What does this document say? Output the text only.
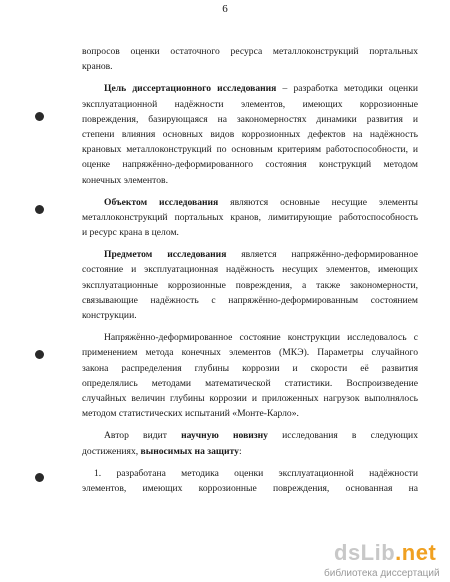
6
вопросов оценки остаточного ресурса металлоконструкций портальных
кранов.
Цель диссертационного исследования – разработка методики оценки
эксплуатационной надёжности элементов, имеющих коррозионные
повреждения, базирующаяся на закономерностях динамики развития и
степени влияния основных видов коррозионных дефектов на надёжность
крановых металлоконструкций по основным критериям работоспособности, и
оценке напряжённо-деформированного состояния конструкций методом
конечных элементов.
Объектом исследования являются основные несущие элементы
металлоконструкций портальных кранов, лимитирующие работоспособность
и ресурс крана в целом.
Предметом исследования является напряжённо-деформированное
состояние и эксплуатационная надёжность несущих элементов, имеющих
эксплуатационные коррозионные повреждения, а также закономерности,
связывающие надёжность с напряжённо-деформированным состоянием
конструкции.
Напряжённо-деформированное состояние конструкции исследовалось с
применением метода конечных элементов (МКЭ). Параметры случайного
закона распределения глубины коррозии и скорости её развития
определялись методами математической статистики. Воспроизведение
случайных величин глубины коррозии и приложенных нагрузок выполнялось
методом статистических испытаний «Монте-Карло».
Автор видит научную новизну исследования в следующих
достижениях, выносимых на защиту:
1. разработана методика оценки эксплуатационной надёжности
элементов, имеющих коррозионные повреждения, основанная на
dsLib.net
библиотека диссертаций
